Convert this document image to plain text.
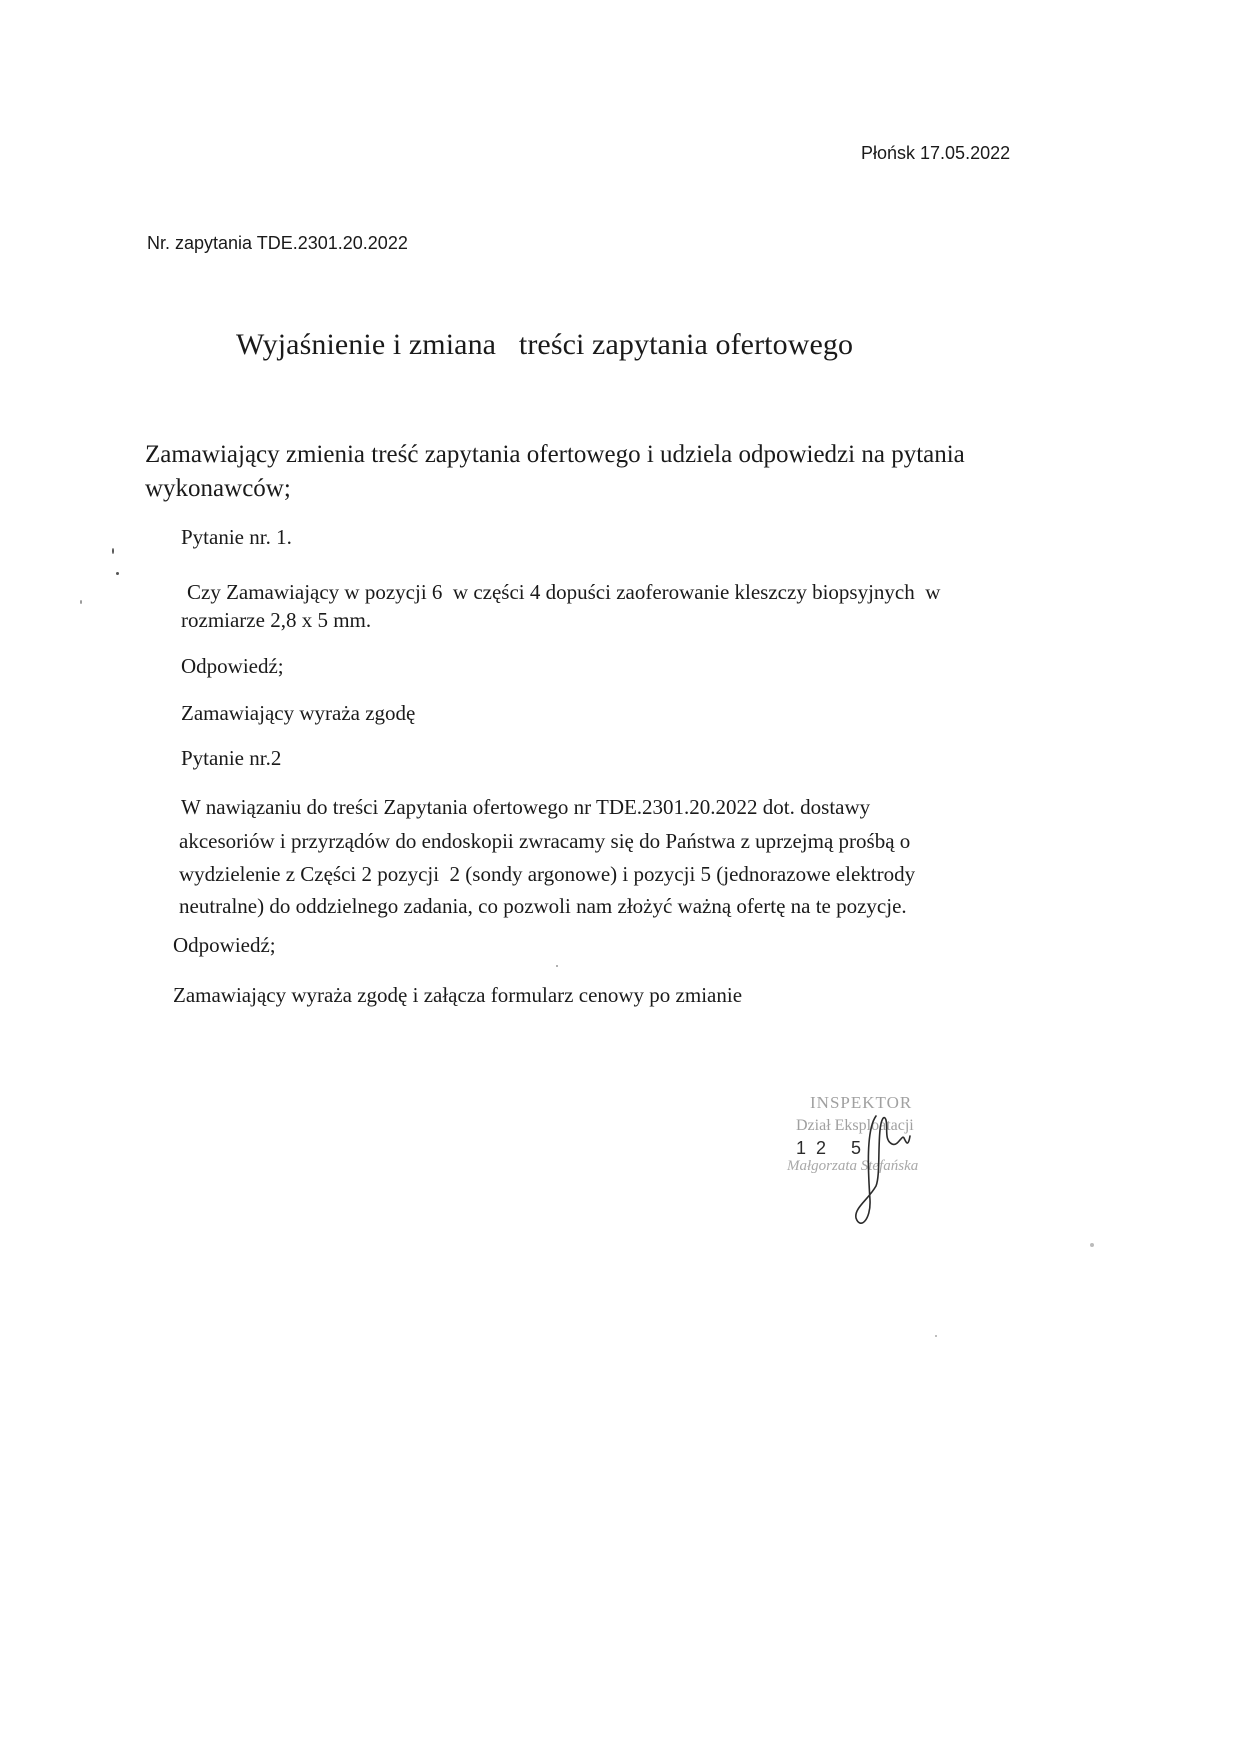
Płońsk 17.05.2022
Nr. zapytania TDE.2301.20.2022
Wyjaśnienie i zmiana   treści zapytania ofertowego
Zamawiający zmienia treść zapytania ofertowego i udziela odpowiedzi na pytania wykonawców;
Pytanie nr. 1.
Czy Zamawiający w pozycji 6  w części 4 dopuści zaoferowanie kleszczy biopsyjnych  w
rozmiarze 2,8 x 5 mm.
Odpowiedź;
Zamawiający wyraża zgodę
Pytanie nr.2
W nawiązaniu do treści Zapytania ofertowego nr TDE.2301.20.2022 dot. dostawy
akcesoriów i przyrządów do endoskopii zwracamy się do Państwa z uprzejmą prośbą o
wydzielenie z Części 2 pozycji  2 (sondy argonowe) i pozycji 5 (jednorazowe elektrody
neutralne) do oddzielnego zadania, co pozwoli nam złożyć ważną ofertę na te pozycje.
Odpowiedź;
Zamawiający wyraża zgodę i załącza formularz cenowy po zmianie
INSPEKTOR
Dział Eksploatacji
Małgorzata Stefańska
12 5
